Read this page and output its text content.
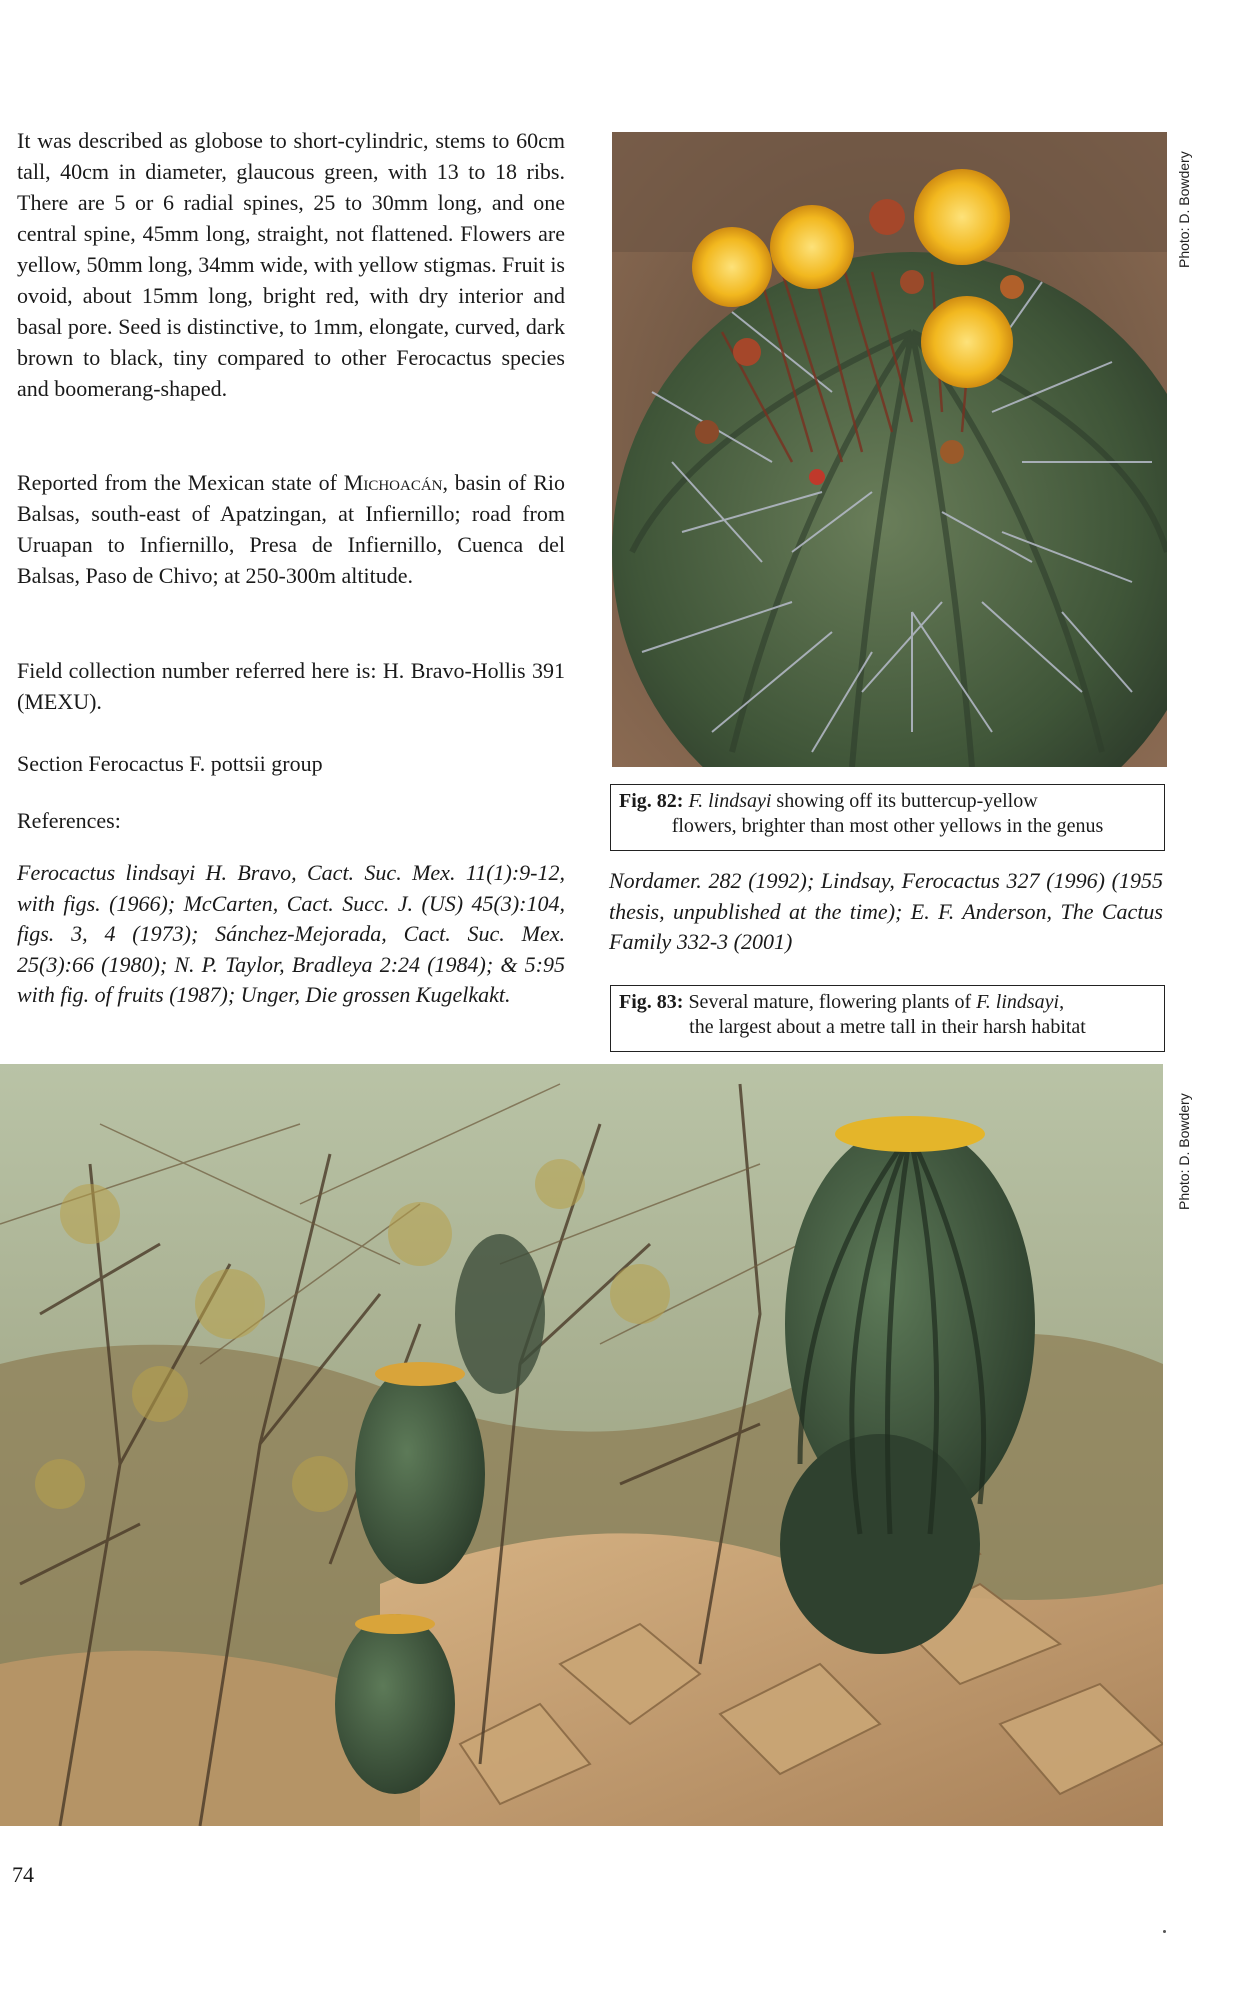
It was described as globose to short-cylindric, stems to 60cm tall, 40cm in diameter, glaucous green, with 13 to 18 ribs. There are 5 or 6 radial spines, 25 to 30mm long, and one central spine, 45mm long, straight, not flattened. Flowers are yellow, 50mm long, 34mm wide, with yellow stigmas. Fruit is ovoid, about 15mm long, bright red, with dry interior and basal pore. Seed is distinctive, to 1mm, elongate, curved, dark brown to black, tiny compared to other Ferocactus species and boomerang-shaped.

Reported from the Mexican state of Michoacán, basin of Rio Balsas, south-east of Apatzingan, at Infiernillo; road from Uruapan to Infiernillo, Presa de Infiernillo, Cuenca del Balsas, Paso de Chivo; at 250-300m altitude.

Field collection number referred here is: H. Bravo-Hollis 391 (MEXU).

Section Ferocactus F. pottsii group

References:

Ferocactus lindsayi H. Bravo, Cact. Suc. Mex. 11(1):9-12, with figs. (1966); McCarten, Cact. Succ. J. (US) 45(3):104, figs. 3, 4 (1973); Sánchez-Mejorada, Cact. Suc. Mex. 25(3):66 (1980); N. P. Taylor, Bradleya 2:24 (1984); & 5:95 with fig. of fruits (1987); Unger, Die grossen Kugelkakt.

Photo: D. Bowdery
Fig. 82: F. lindsayi showing off its buttercup-yellow
flowers, brighter than most other yellows in the genus

Nordamer. 282 (1992); Lindsay, Ferocactus 327 (1996) (1955 thesis, unpublished at the time); E. F. Anderson, The Cactus Family 332-3 (2001)

Fig. 83: Several mature, flowering plants of F. lindsayi,
the largest about a metre tall in their harsh habitat
Photo: D. Bowdery
74
